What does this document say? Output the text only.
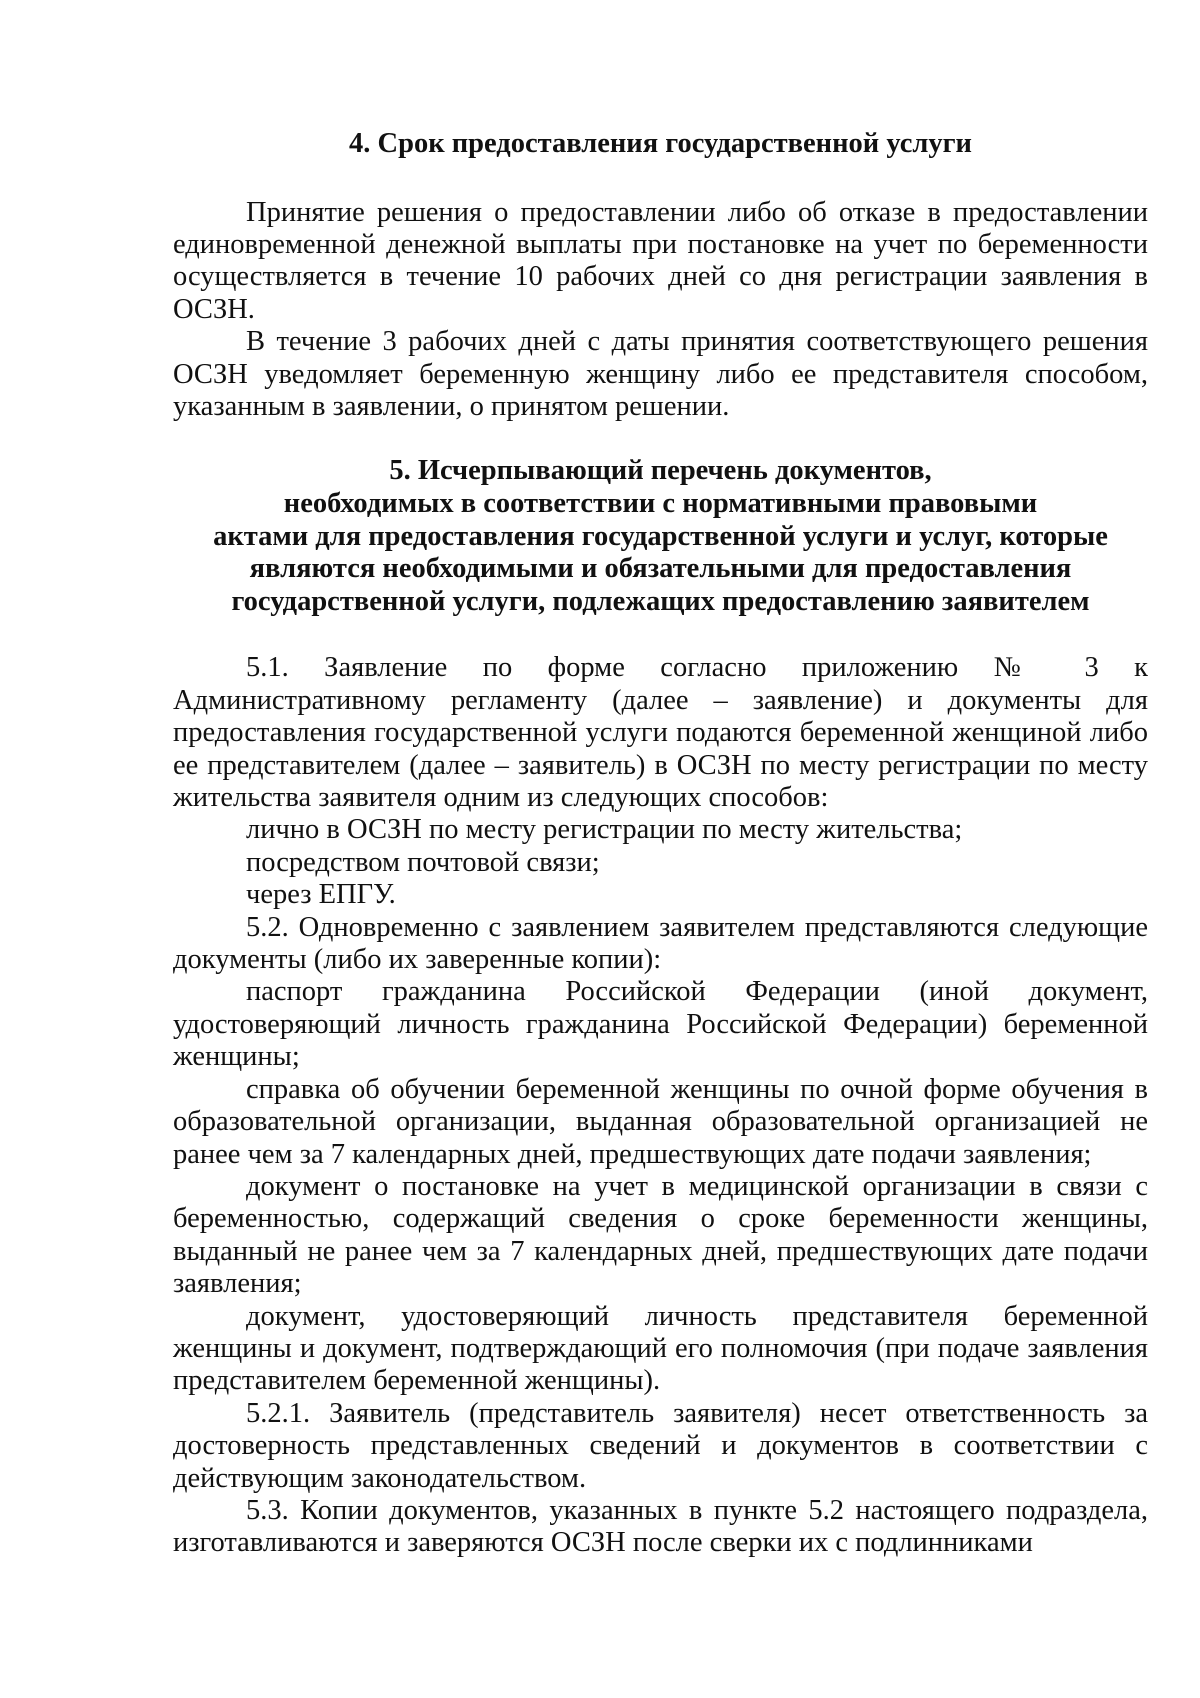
4. Срок предоставления государственной услуги

Принятие решения о предоставлении либо об отказе в предоставлении единовременной денежной выплаты при постановке на учет по беременности осуществляется в течение 10 рабочих дней со дня регистрации заявления в ОСЗН.

В течение 3 рабочих дней с даты принятия соответствующего решения ОСЗН уведомляет беременную женщину либо ее представителя способом, указанным в заявлении, о принятом решении.

5. Исчерпывающий перечень документов,
необходимых в соответствии с нормативными правовыми
актами для предоставления государственной услуги и услуг, которые
являются необходимыми и обязательными для предоставления
государственной услуги, подлежащих предоставлению заявителем

5.1. Заявление по форме согласно приложению № 3 к Административному регламенту (далее – заявление) и документы для предоставления государственной услуги подаются беременной женщиной либо ее представителем (далее – заявитель) в ОСЗН по месту регистрации по месту жительства заявителя одним из следующих способов:

лично в ОСЗН по месту регистрации по месту жительства;

посредством почтовой связи;

через ЕПГУ.

5.2. Одновременно с заявлением заявителем представляются следующие документы (либо их заверенные копии):

паспорт гражданина Российской Федерации (иной документ, удостоверяющий личность гражданина Российской Федерации) беременной женщины;

справка об обучении беременной женщины по очной форме обучения в образовательной организации, выданная образовательной организацией не ранее чем за 7 календарных дней, предшествующих дате подачи заявления;

документ о постановке на учет в медицинской организации в связи с беременностью, содержащий сведения о сроке беременности женщины, выданный не ранее чем за 7 календарных дней, предшествующих дате подачи заявления;

документ, удостоверяющий личность представителя беременной женщины и документ, подтверждающий его полномочия (при подаче заявления представителем беременной женщины).

5.2.1. Заявитель (представитель заявителя) несет ответственность за достоверность представленных сведений и документов в соответствии с действующим законодательством.

5.3. Копии документов, указанных в пункте 5.2 настоящего подраздела, изготавливаются и заверяются ОСЗН после сверки их с подлинниками
